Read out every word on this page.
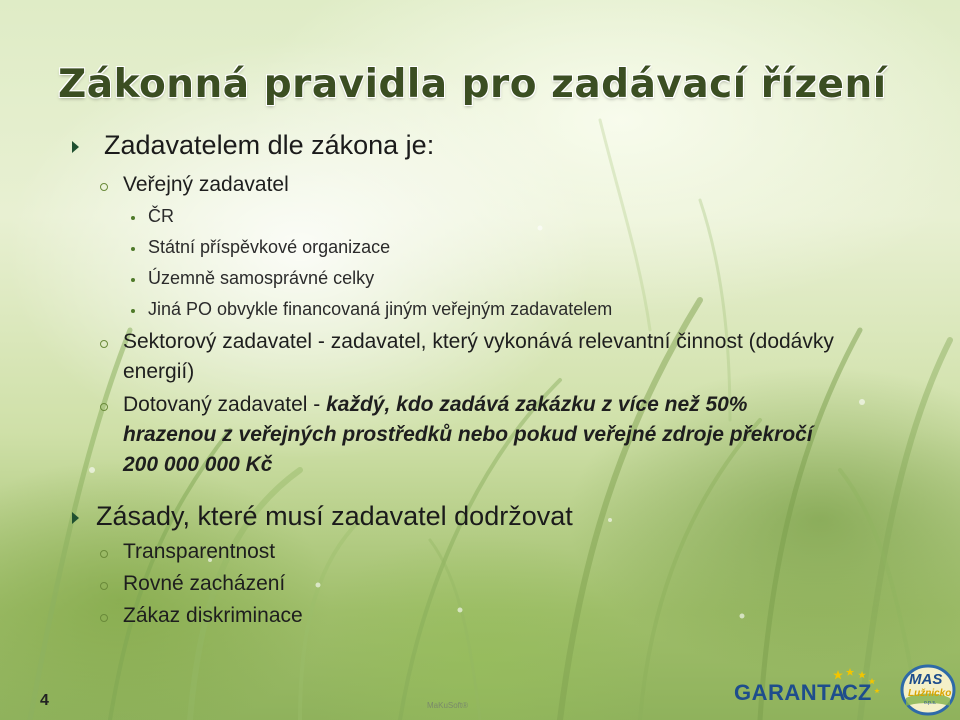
Zákonná pravidla pro zadávací řízení
Zadavatelem dle zákona je:
Veřejný zadavatel
ČR
Státní příspěvkové organizace
Územně samosprávné celky
Jiná PO obvykle financovaná jiným veřejným zadavatelem
Sektorový zadavatel - zadavatel, který vykonává relevantní činnost (dodávky
energií)
Dotovaný zadavatel - každý, kdo zadává zakázku z více než 50%
hrazenou z veřejných prostředků nebo pokud veřejné zdroje překročí
200 000 000 Kč
Zásady, které musí zadavatel dodržovat
Transparentnost
Rovné zacházení
Zákaz diskriminace
4	MaKuSoft®
GARANTA
CZ
MAS
Lužnicko
o.p.s.
